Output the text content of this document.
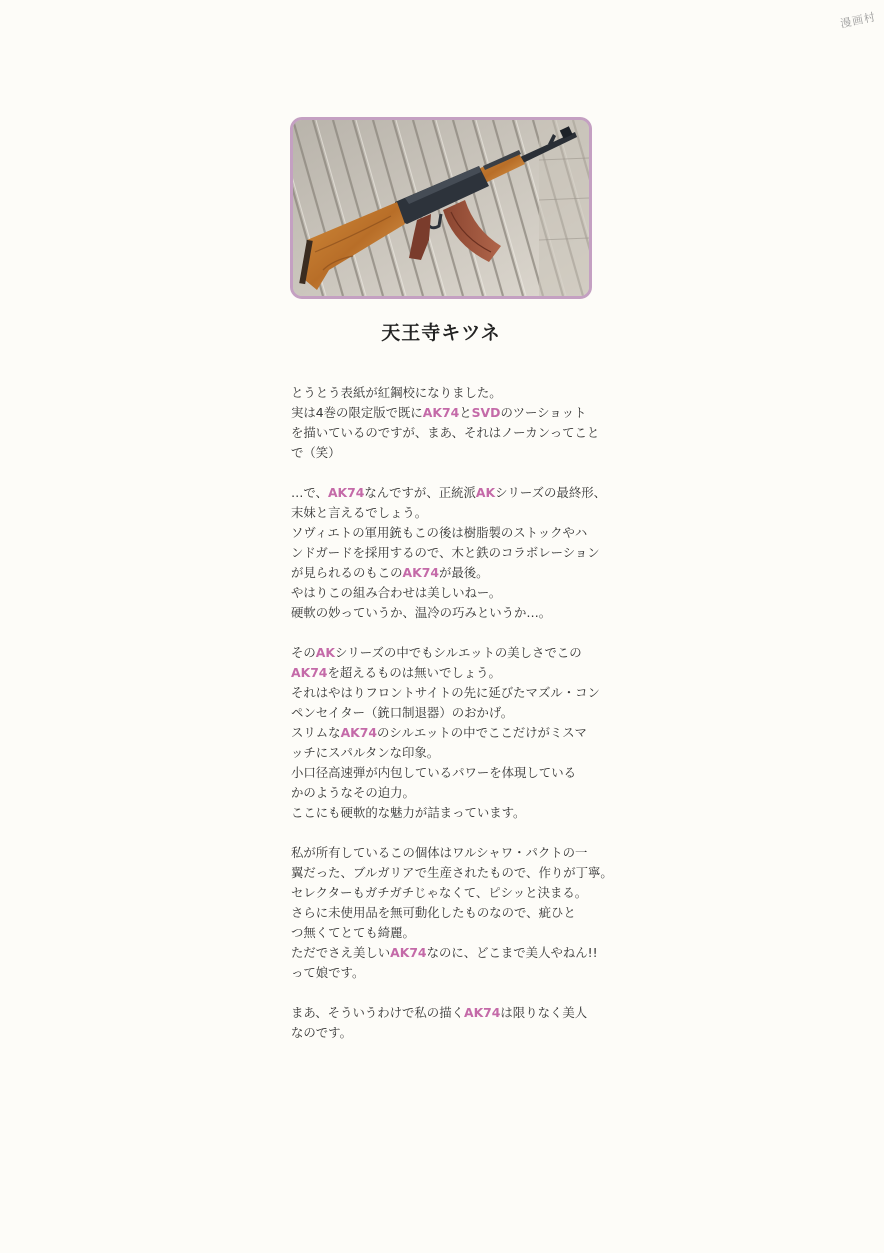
漫画村
天王寺キツネ
とうとう表紙が紅鋼校になりました。
実は4巻の限定版で既にAK74とSVDのツーショット
を描いているのですが、まあ、それはノーカンってこと
で（笑）
…で、AK74なんですが、正統派AKシリーズの最終形、
末妹と言えるでしょう。
ソヴィエトの軍用銃もこの後は樹脂製のストックやハ
ンドガードを採用するので、木と鉄のコラボレーション
が見られるのもこのAK74が最後。
やはりこの組み合わせは美しいねー。
硬軟の妙っていうか、温冷の巧みというか…。
そのAKシリーズの中でもシルエットの美しさでこの
AK74を超えるものは無いでしょう。
それはやはりフロントサイトの先に延びたマズル・コン
ペンセイター（銃口制退器）のおかげ。
スリムなAK74のシルエットの中でここだけがミスマ
ッチにスパルタンな印象。
小口径高速弾が内包しているパワーを体現している
かのようなその迫力。
ここにも硬軟的な魅力が詰まっています。
私が所有しているこの個体はワルシャワ・パクトの一
翼だった、ブルガリアで生産されたもので、作りが丁寧。
セレクターもガチガチじゃなくて、ピシッと決まる。
さらに未使用品を無可動化したものなので、疵ひと
つ無くてとても綺麗。
ただでさえ美しいAK74なのに、どこまで美人やねん!!
って娘です。
まあ、そういうわけで私の描くAK74は限りなく美人
なのです。
